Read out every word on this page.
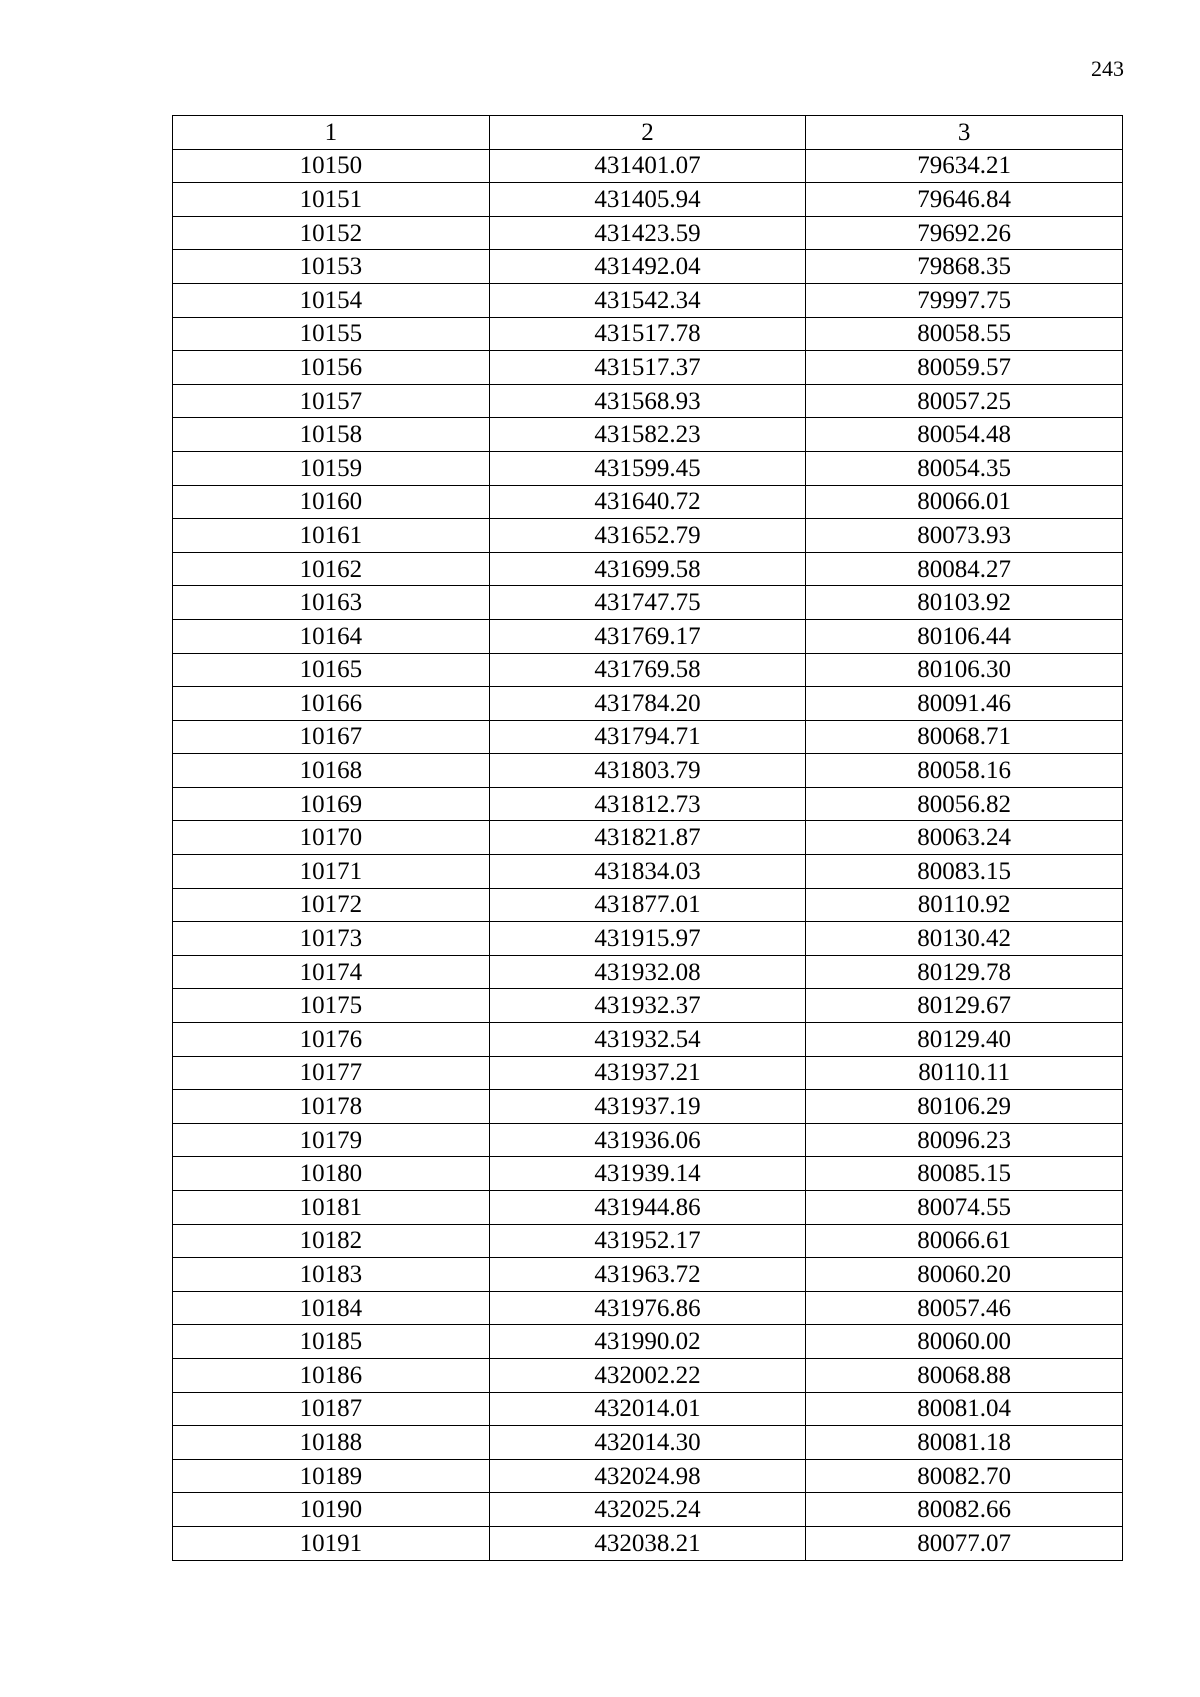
243
1	2	3
10150	431401.07	79634.21
10151	431405.94	79646.84
10152	431423.59	79692.26
10153	431492.04	79868.35
10154	431542.34	79997.75
10155	431517.78	80058.55
10156	431517.37	80059.57
10157	431568.93	80057.25
10158	431582.23	80054.48
10159	431599.45	80054.35
10160	431640.72	80066.01
10161	431652.79	80073.93
10162	431699.58	80084.27
10163	431747.75	80103.92
10164	431769.17	80106.44
10165	431769.58	80106.30
10166	431784.20	80091.46
10167	431794.71	80068.71
10168	431803.79	80058.16
10169	431812.73	80056.82
10170	431821.87	80063.24
10171	431834.03	80083.15
10172	431877.01	80110.92
10173	431915.97	80130.42
10174	431932.08	80129.78
10175	431932.37	80129.67
10176	431932.54	80129.40
10177	431937.21	80110.11
10178	431937.19	80106.29
10179	431936.06	80096.23
10180	431939.14	80085.15
10181	431944.86	80074.55
10182	431952.17	80066.61
10183	431963.72	80060.20
10184	431976.86	80057.46
10185	431990.02	80060.00
10186	432002.22	80068.88
10187	432014.01	80081.04
10188	432014.30	80081.18
10189	432024.98	80082.70
10190	432025.24	80082.66
10191	432038.21	80077.07
